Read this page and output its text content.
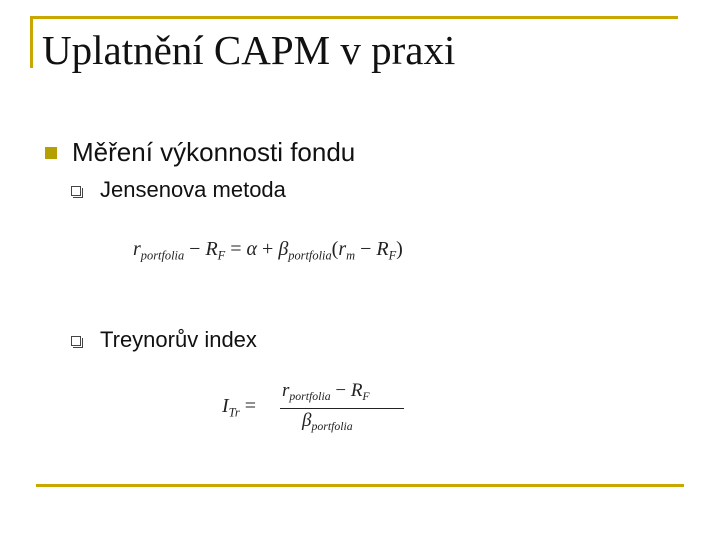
Uplatnění CAPM v praxi
Měření výkonnosti fondu
Jensenova metoda
$r_{portfolia} - R_F = \alpha + \beta_{portfolia}(r_m - R_F)$
Treynorův index
$I_{Tr}$ =
$r_{portfolia} - R_F$
$\beta_{portfolia}$
